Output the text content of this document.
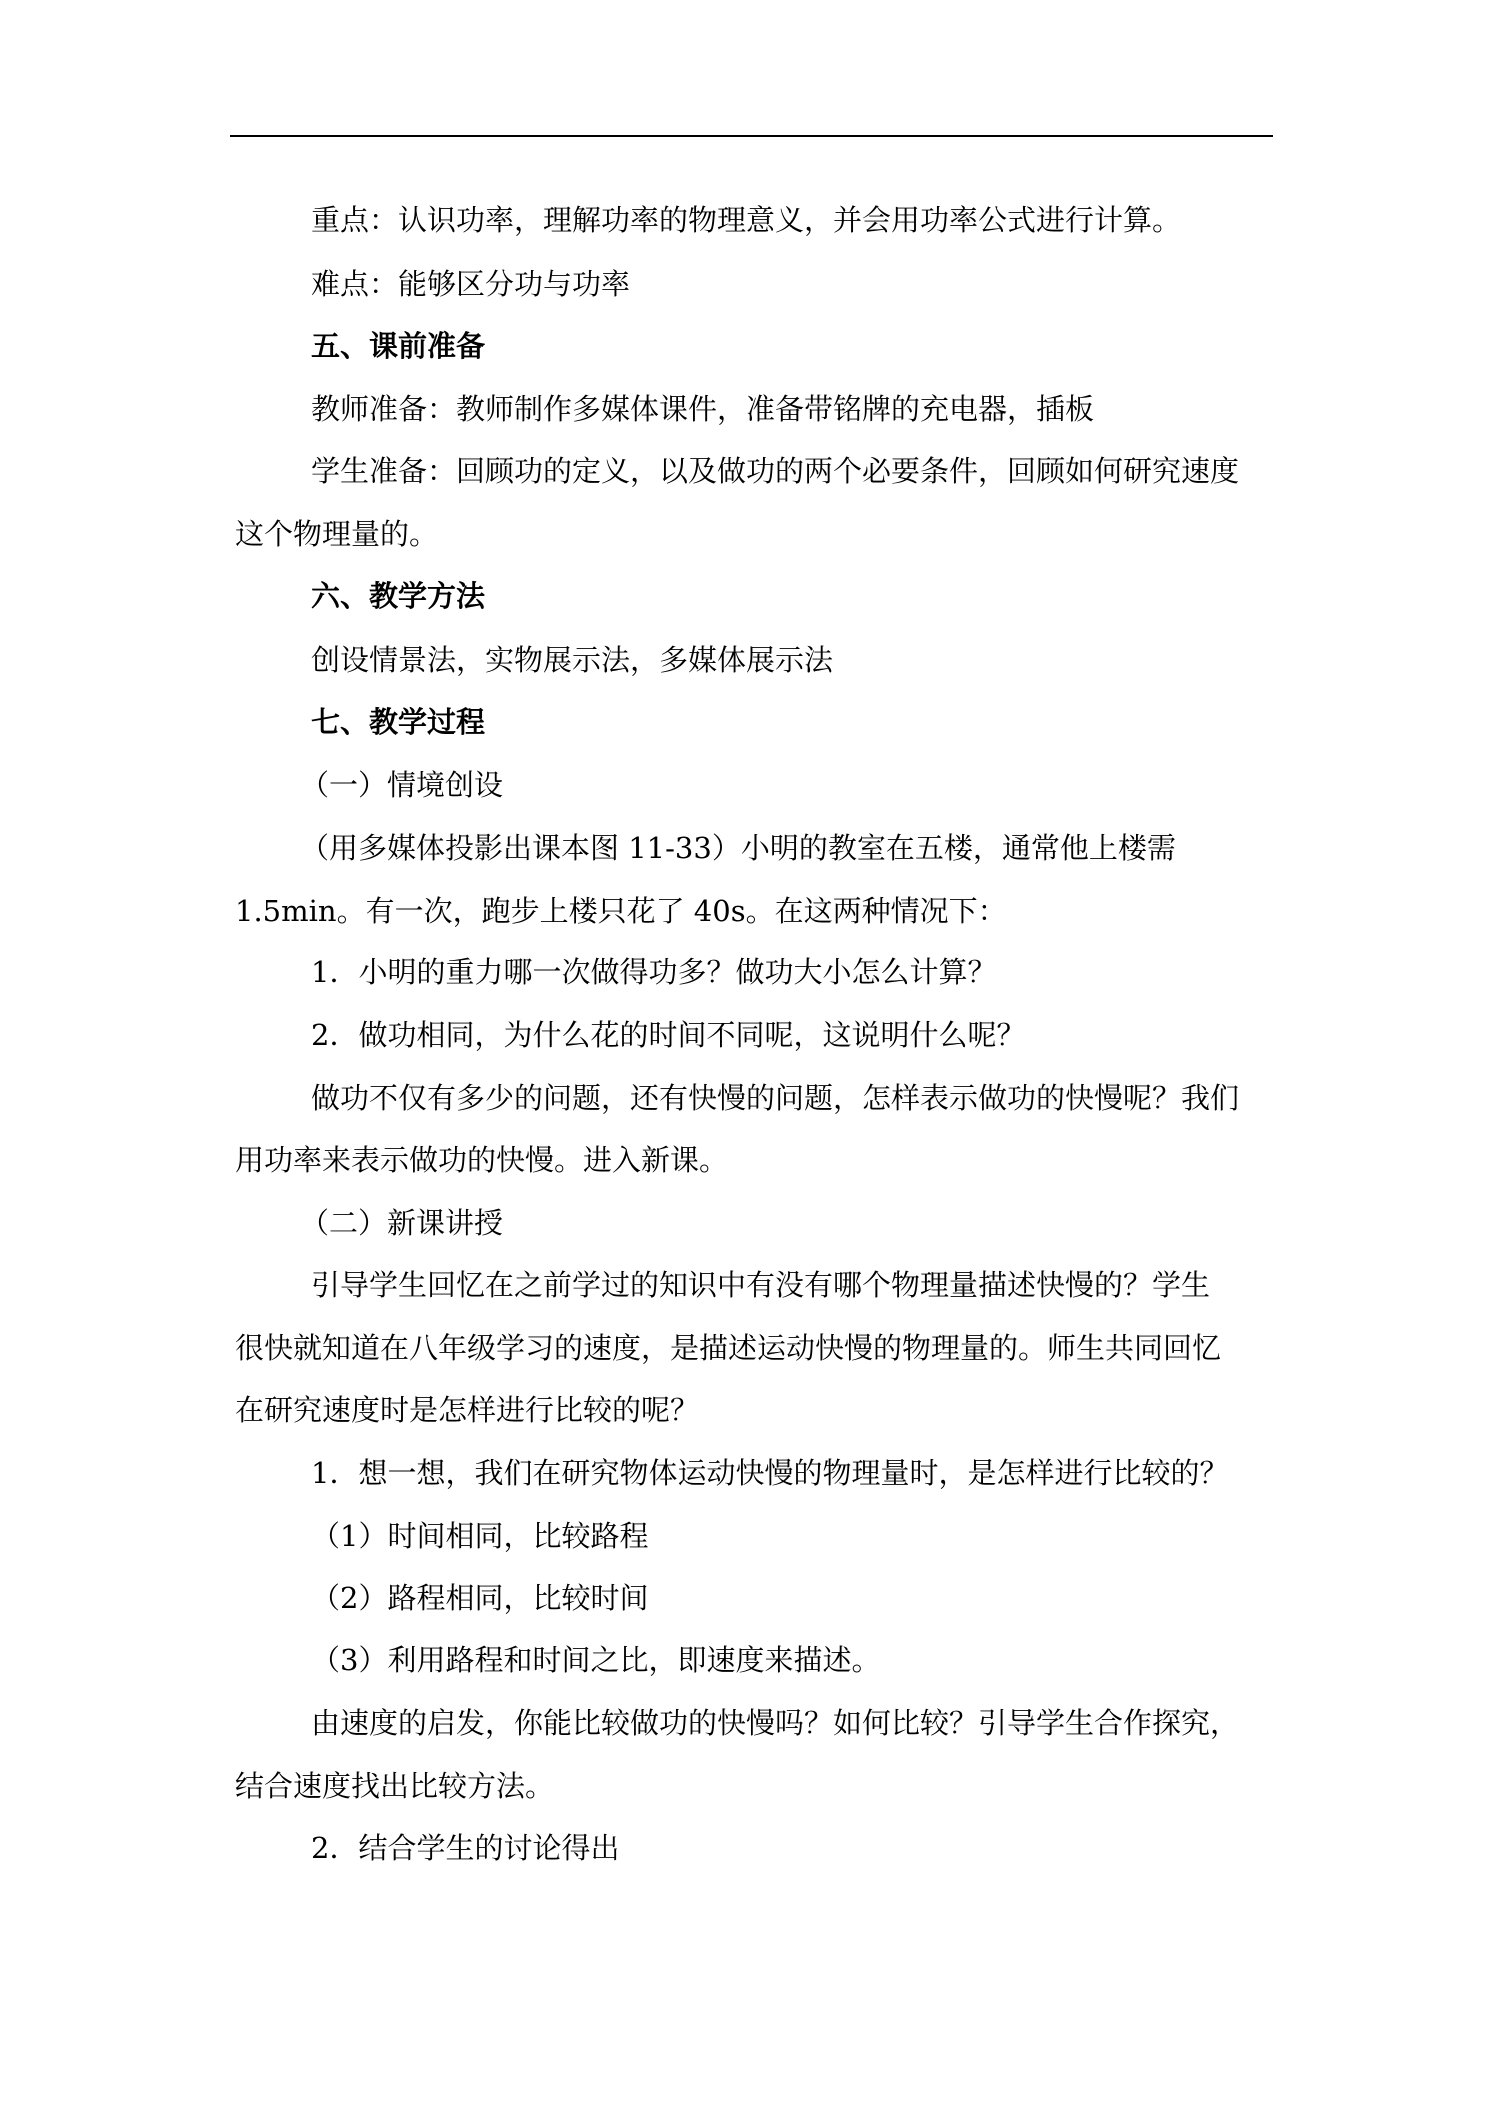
重点：认识功率，理解功率的物理意义，并会用功率公式进行计算。
难点：能够区分功与功率
五、课前准备
教师准备：教师制作多媒体课件，准备带铭牌的充电器，插板
学生准备：回顾功的定义，以及做功的两个必要条件，回顾如何研究速度
这个物理量的。
六、教学方法
创设情景法，实物展示法，多媒体展示法
七、教学过程
（一）情境创设
（用多媒体投影出课本图 11-33）小明的教室在五楼，通常他上楼需
1.5min。有一次，跑步上楼只花了 40s。在这两种情况下：
1．小明的重力哪一次做得功多？做功大小怎么计算？
2．做功相同，为什么花的时间不同呢，这说明什么呢？
做功不仅有多少的问题，还有快慢的问题，怎样表示做功的快慢呢？我们
用功率来表示做功的快慢。进入新课。
（二）新课讲授
引导学生回忆在之前学过的知识中有没有哪个物理量描述快慢的？学生
很快就知道在八年级学习的速度，是描述运动快慢的物理量的。师生共同回忆
在研究速度时是怎样进行比较的呢？
1．想一想，我们在研究物体运动快慢的物理量时，是怎样进行比较的？
（1）时间相同，比较路程
（2）路程相同，比较时间
（3）利用路程和时间之比，即速度来描述。
由速度的启发，你能比较做功的快慢吗？如何比较？引导学生合作探究，
结合速度找出比较方法。
2．结合学生的讨论得出
